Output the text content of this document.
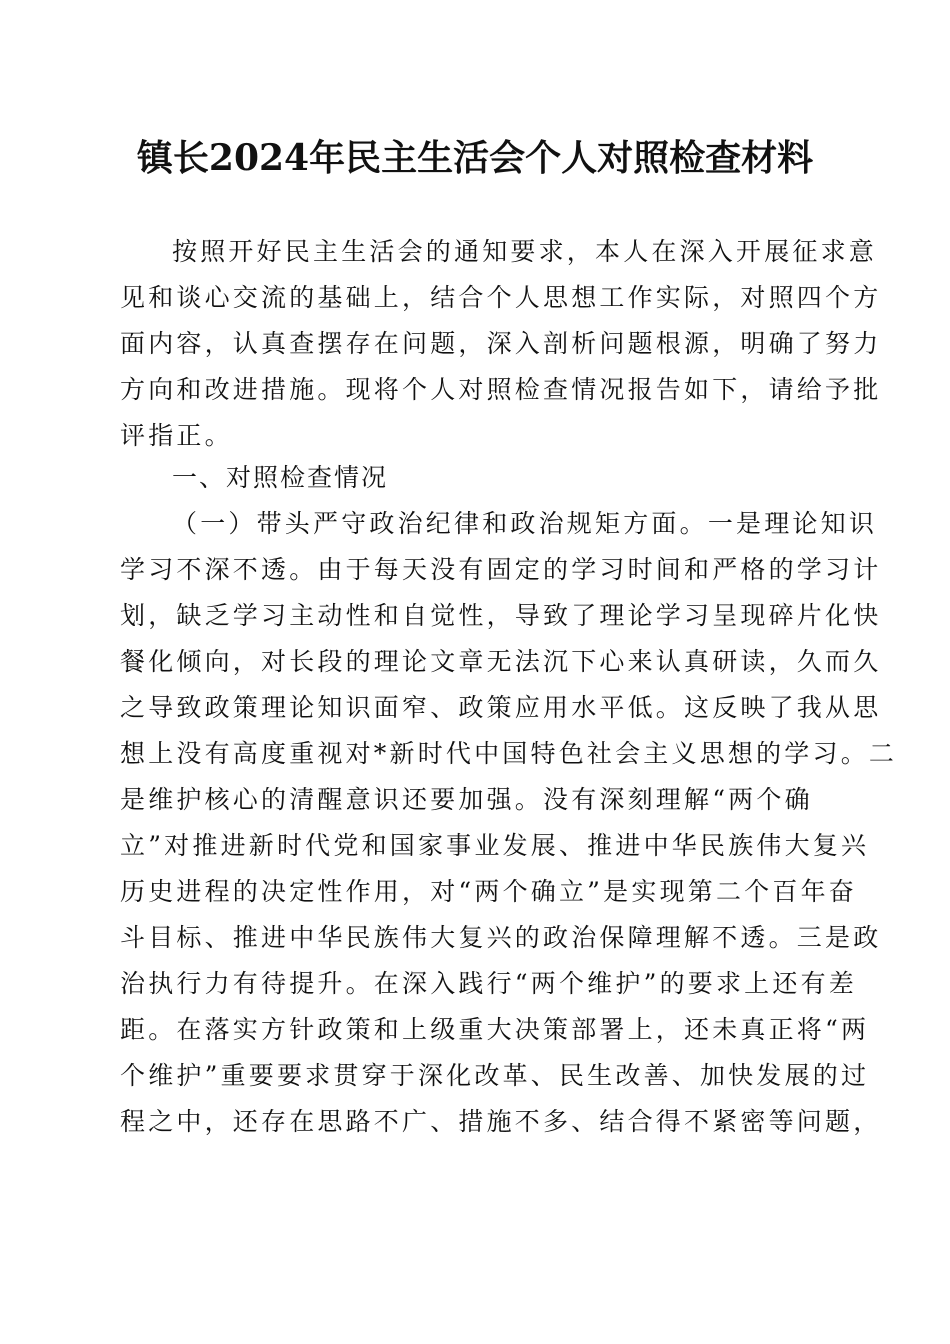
镇长2024年民主生活会个人对照检查材料
按照开好民主生活会的通知要求，本人在深入开展征求意
见和谈心交流的基础上，结合个人思想工作实际，对照四个方
面内容，认真查摆存在问题，深入剖析问题根源，明确了努力
方向和改进措施。现将个人对照检查情况报告如下，请给予批
评指正。
一、对照检查情况
（一）带头严守政治纪律和政治规矩方面。一是理论知识
学习不深不透。由于每天没有固定的学习时间和严格的学习计
划，缺乏学习主动性和自觉性，导致了理论学习呈现碎片化快
餐化倾向，对长段的理论文章无法沉下心来认真研读，久而久
之导致政策理论知识面窄、政策应用水平低。这反映了我从思
想上没有高度重视对*新时代中国特色社会主义思想的学习。二
是维护核心的清醒意识还要加强。没有深刻理解“两个确
立”对推进新时代党和国家事业发展、推进中华民族伟大复兴
历史进程的决定性作用，对“两个确立”是实现第二个百年奋
斗目标、推进中华民族伟大复兴的政治保障理解不透。三是政
治执行力有待提升。在深入践行“两个维护”的要求上还有差
距。在落实方针政策和上级重大决策部署上，还未真正将“两
个维护”重要要求贯穿于深化改革、民生改善、加快发展的过
程之中，还存在思路不广、措施不多、结合得不紧密等问题，
